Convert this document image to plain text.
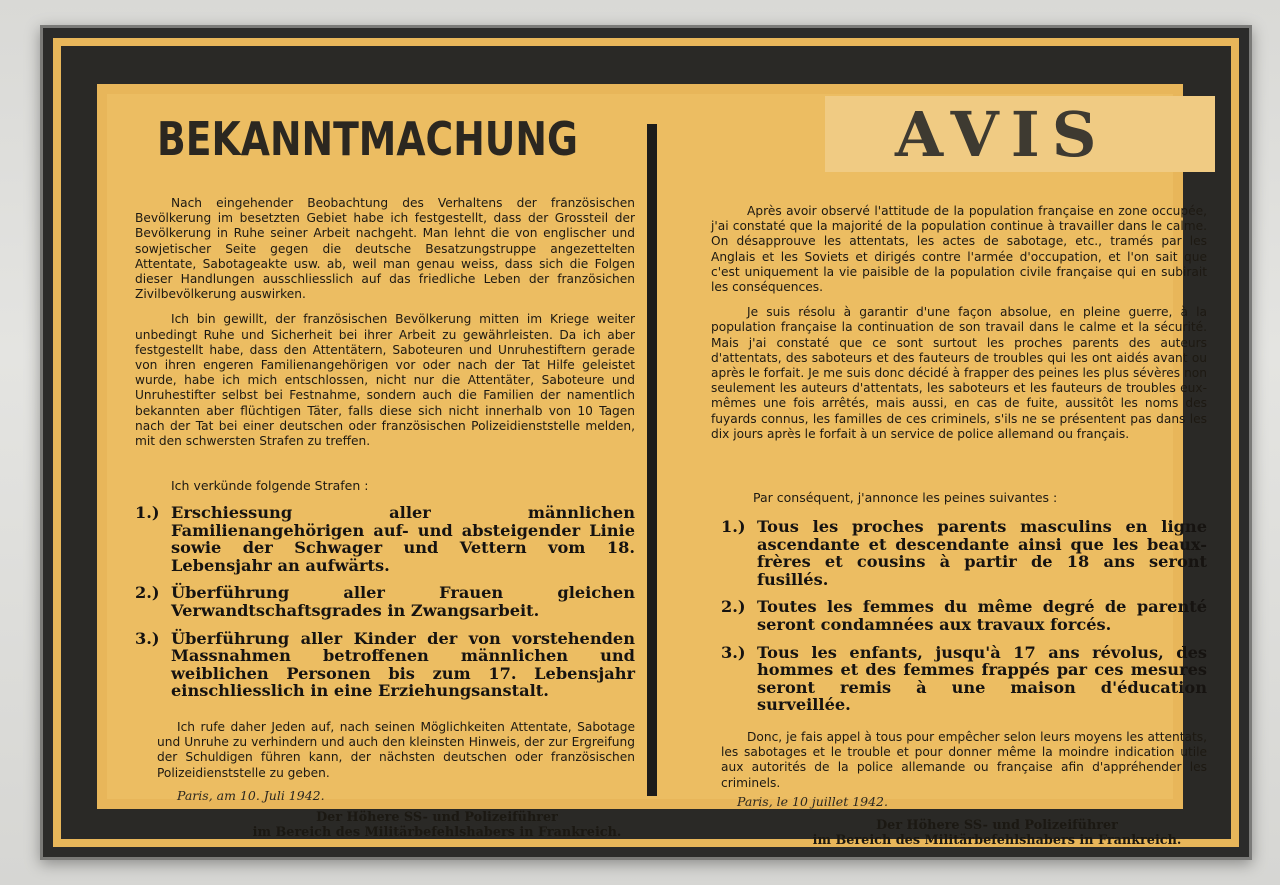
BEKANNTMACHUNG

Nach eingehender Beobachtung des Verhaltens der französischen Bevölkerung im besetzten Gebiet habe ich festgestellt, dass der Grossteil der Bevölkerung in Ruhe seiner Arbeit nachgeht. Man lehnt die von englischer und sowjetischer Seite gegen die deutsche Besatzungstruppe angezettelten Attentate, Sabotageakte usw. ab, weil man genau weiss, dass sich die Folgen dieser Handlungen ausschliesslich auf das friedliche Leben der französichen Zivilbevölkerung auswirken.

Ich bin gewillt, der französischen Bevölkerung mitten im Kriege weiter unbedingt Ruhe und Sicherheit bei ihrer Arbeit zu gewährleisten. Da ich aber festgestellt habe, dass den Attentätern, Saboteuren und Unruhestiftern gerade von ihren engeren Familienangehörigen vor oder nach der Tat Hilfe geleistet wurde, habe ich mich entschlossen, nicht nur die Attentäter, Saboteure und Unruhestifter selbst bei Festnahme, sondern auch die Familien der namentlich bekannten aber flüchtigen Täter, falls diese sich nicht innerhalb von 10 Tagen nach der Tat bei einer deutschen oder französischen Polizeidienststelle melden, mit den schwersten Strafen zu treffen.

Ich verkünde folgende Strafen :
1.) Erschiessung aller männlichen Familienangehörigen auf- und absteigender Linie sowie der Schwager und Vettern vom 18. Lebensjahr an aufwärts.
2.) Überführung aller Frauen gleichen Verwandtschaftsgrades in Zwangsarbeit.
3.) Überführung aller Kinder der von vorstehenden Massnahmen betroffenen männlichen und weiblichen Personen bis zum 17. Lebensjahr einschliesslich in eine Erziehungsanstalt.
Ich rufe daher Jeden auf, nach seinen Möglichkeiten Attentate, Sabotage und Unruhe zu verhindern und auch den kleinsten Hinweis, der zur Ergreifung der Schuldigen führen kann, der nächsten deutschen oder französischen Polizeidienststelle zu geben.
Paris, am 10. Juli 1942.
Der Höhere SS- und Polizeiführer
im Bereich des Militärbefehlshabers in Frankreich.
AVIS

Après avoir observé l'attitude de la population française en zone occupée, j'ai constaté que la majorité de la population continue à travailler dans le calme. On désapprouve les attentats, les actes de sabotage, etc., tramés par les Anglais et les Soviets et dirigés contre l'armée d'occupation, et l'on sait que c'est uniquement la vie paisible de la population civile française qui en subirait les conséquences.

Je suis résolu à garantir d'une façon absolue, en pleine guerre, à la population française la continuation de son travail dans le calme et la sécurité. Mais j'ai constaté que ce sont surtout les proches parents des auteurs d'attentats, des saboteurs et des fauteurs de troubles qui les ont aidés avant ou après le forfait. Je me suis donc décidé à frapper des peines les plus sévères non seulement les auteurs d'attentats, les saboteurs et les fauteurs de troubles eux-mêmes une fois arrêtés, mais aussi, en cas de fuite, aussitôt les noms des fuyards connus, les familles de ces criminels, s'ils ne se présentent pas dans les dix jours après le forfait à un service de police allemand ou français.

Par conséquent, j'annonce les peines suivantes :
1.) Tous les proches parents masculins en ligne ascendante et descendante ainsi que les beaux-frères et cousins à partir de 18 ans seront fusillés.
2.) Toutes les femmes du même degré de parenté seront condamnées aux travaux forcés.
3.) Tous les enfants, jusqu'à 17 ans révolus, des hommes et des femmes frappés par ces mesures seront remis à une maison d'éducation surveillée.
Donc, je fais appel à tous pour empêcher selon leurs moyens les attentats, les sabotages et le trouble et pour donner même la moindre indication utile aux autorités de la police allemande ou française afin d'appréhender les criminels.
Paris, le 10 juillet 1942.
Der Höhere SS- und Polizeiführer
im Bereich des Militärbefehlshabers in Frankreich.
